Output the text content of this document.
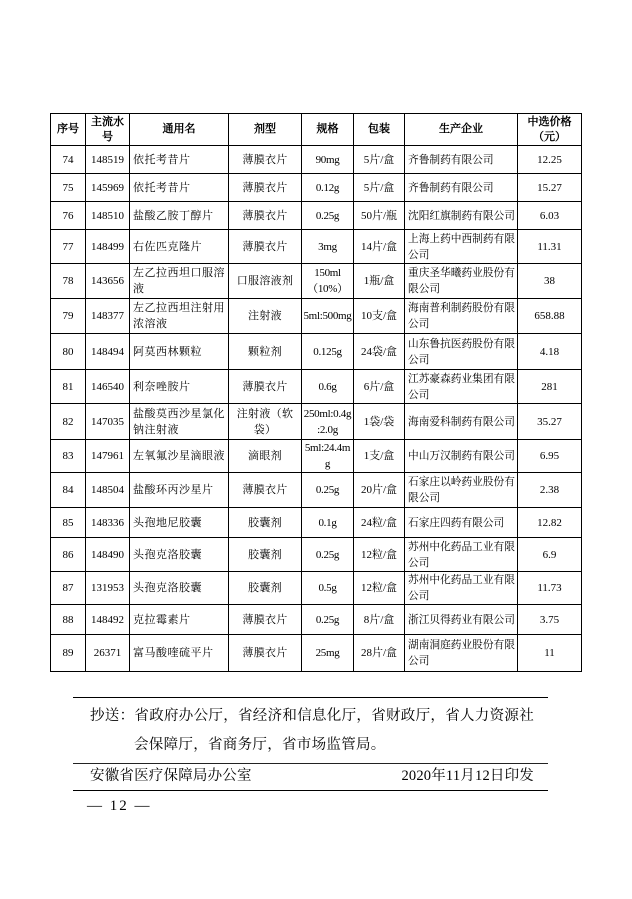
序号	主流水号	通用名	剂型	规格	包装	生产企业	中选价格（元）
74	148519	依托考昔片	薄膜衣片	90mg	5片/盒	齐鲁制药有限公司	12.25
75	145969	依托考昔片	薄膜衣片	0.12g	5片/盒	齐鲁制药有限公司	15.27
76	148510	盐酸乙胺丁醇片	薄膜衣片	0.25g	50片/瓶	沈阳红旗制药有限公司	6.03
77	148499	右佐匹克隆片	薄膜衣片	3mg	14片/盒	上海上药中西制药有限公司	11.31
78	143656	左乙拉西坦口服溶液	口服溶液剂	150ml（10%）	1瓶/盒	重庆圣华曦药业股份有限公司	38
79	148377	左乙拉西坦注射用浓溶液	注射液	5ml:500mg	10支/盒	海南普利制药股份有限公司	658.88
80	148494	阿莫西林颗粒	颗粒剂	0.125g	24袋/盒	山东鲁抗医药股份有限公司	4.18
81	146540	利奈唑胺片	薄膜衣片	0.6g	6片/盒	江苏豪森药业集团有限公司	281
82	147035	盐酸莫西沙星氯化钠注射液	注射液（软袋）	250ml:0.4g:2.0g	1袋/袋	海南爱科制药有限公司	35.27
83	147961	左氧氟沙星滴眼液	滴眼剂	5ml:24.4mg	1支/盒	中山万汉制药有限公司	6.95
84	148504	盐酸环丙沙星片	薄膜衣片	0.25g	20片/盒	石家庄以岭药业股份有限公司	2.38
85	148336	头孢地尼胶囊	胶囊剂	0.1g	24粒/盒	石家庄四药有限公司	12.82
86	148490	头孢克洛胶囊	胶囊剂	0.25g	12粒/盒	苏州中化药品工业有限公司	6.9
87	131953	头孢克洛胶囊	胶囊剂	0.5g	12粒/盒	苏州中化药品工业有限公司	11.73
88	148492	克拉霉素片	薄膜衣片	0.25g	8片/盒	浙江贝得药业有限公司	3.75
89	26371	富马酸喹硫平片	薄膜衣片	25mg	28片/盒	湖南洞庭药业股份有限公司	11
抄送：省政府办公厅，省经济和信息化厅，省财政厅，省人力资源社会保障厅，省商务厅，省市场监管局。
安徽省医疗保障局办公室	2020年11月12日印发
— 12 —
